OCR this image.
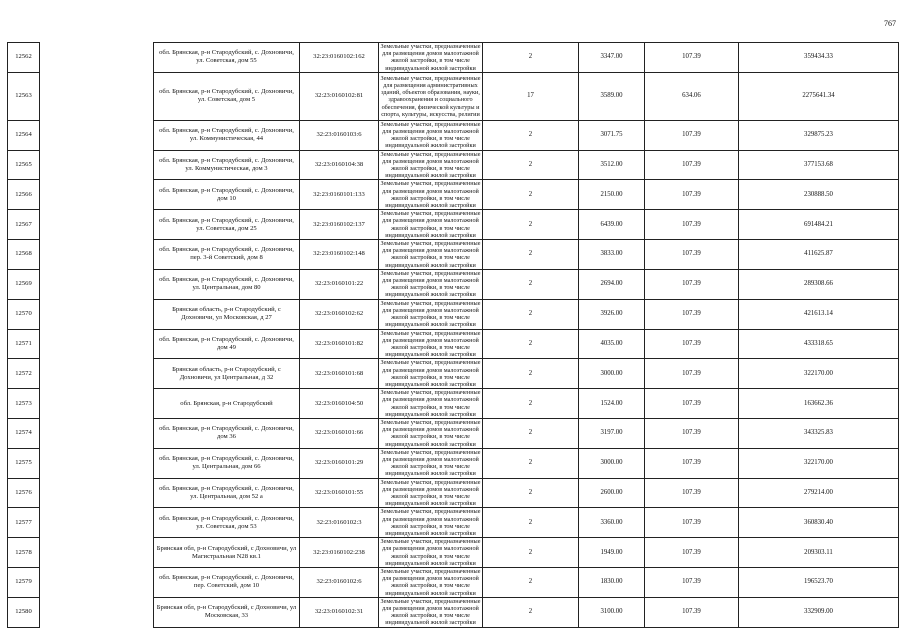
767
12562		обл. Брянская, р-н Стародубский, с. Дохновичи, ул. Советская, дом 55	32:23:0160102:162	Земельные участки, предназначенные для размещения домов малоэтажной жилой застройки, в том числе индивидуальной жилой застройки	2	3347.00	107.39	359434.33
12563		обл. Брянская, р-н Стародубский, с. Дохновичи, ул. Советская, дом 5	32:23:0160102:81	Земельные участки, предназначенные для размещения административных зданий, объектов образования, науки, здравоохранения и социального обеспечения, физической культуры и спорта, культуры, искусства, религии	17	3589.00	634.06	2275641.34
12564		обл. Брянская, р-н Стародубский, с. Дохновичи, ул. Коммунистическая, 44	32:23:0160103:6	Земельные участки, предназначенные для размещения домов малоэтажной жилой застройки, в том числе индивидуальной жилой застройки	2	3071.75	107.39	329875.23
12565		обл. Брянская, р-н Стародубский, с. Дохновичи, ул. Коммунистическая, дом 3	32:23:0160104:38	Земельные участки, предназначенные для размещения домов малоэтажной жилой застройки, в том числе индивидуальной жилой застройки	2	3512.00	107.39	377153.68
12566		обл. Брянская, р-н Стародубский, с. Дохновичи, дом 10	32:23:0160101:133	Земельные участки, предназначенные для размещения домов малоэтажной жилой застройки, в том числе индивидуальной жилой застройки	2	2150.00	107.39	230888.50
12567		обл. Брянская, р-н Стародубский, с. Дохновичи, ул. Советская, дом 25	32:23:0160102:137	Земельные участки, предназначенные для размещения домов малоэтажной жилой застройки, в том числе индивидуальной жилой застройки	2	6439.00	107.39	691484.21
12568		обл. Брянская, р-н Стародубский, с. Дохновичи, пер. 3-й Советский, дом 8	32:23:0160102:148	Земельные участки, предназначенные для размещения домов малоэтажной жилой застройки, в том числе индивидуальной жилой застройки	2	3833.00	107.39	411625.87
12569		обл. Брянская, р-н Стародубский, с. Дохновичи, ул. Центральная, дом 80	32:23:0160101:22	Земельные участки, предназначенные для размещения домов малоэтажной жилой застройки, в том числе индивидуальной жилой застройки	2	2694.00	107.39	289308.66
12570		Брянская область, р-н Стародубский, с Дохновичи, ул Московская, д 27	32:23:0160102:62	Земельные участки, предназначенные для размещения домов малоэтажной жилой застройки, в том числе индивидуальной жилой застройки	2	3926.00	107.39	421613.14
12571		обл. Брянская, р-н Стародубский, с. Дохновичи, дом 49	32:23:0160101:82	Земельные участки, предназначенные для размещения домов малоэтажной жилой застройки, в том числе индивидуальной жилой застройки	2	4035.00	107.39	433318.65
12572		Брянская область, р-н Стародубский, с Дохновичи, ул Центральная, д 32	32:23:0160101:68	Земельные участки, предназначенные для размещения домов малоэтажной жилой застройки, в том числе индивидуальной жилой застройки	2	3000.00	107.39	322170.00
12573		обл. Брянская, р-н Стародубский	32:23:0160104:50	Земельные участки, предназначенные для размещения домов малоэтажной жилой застройки, в том числе индивидуальной жилой застройки	2	1524.00	107.39	163662.36
12574		обл. Брянская, р-н Стародубский, с. Дохновичи, дом 36	32:23:0160101:66	Земельные участки, предназначенные для размещения домов малоэтажной жилой застройки, в том числе индивидуальной жилой застройки	2	3197.00	107.39	343325.83
12575		обл. Брянская, р-н Стародубский, с. Дохновичи, ул. Центральная, дом 66	32:23:0160101:29	Земельные участки, предназначенные для размещения домов малоэтажной жилой застройки, в том числе индивидуальной жилой застройки	2	3000.00	107.39	322170.00
12576		обл. Брянская, р-н Стародубский, с. Дохновичи, ул. Центральная, дом 52 а	32:23:0160101:55	Земельные участки, предназначенные для размещения домов малоэтажной жилой застройки, в том числе индивидуальной жилой застройки	2	2600.00	107.39	279214.00
12577		обл. Брянская, р-н Стародубский, с. Дохновичи, ул. Советская, дом 53	32:23:0160102:3	Земельные участки, предназначенные для размещения домов малоэтажной жилой застройки, в том числе индивидуальной жилой застройки	2	3360.00	107.39	360830.40
12578		Брянская обл, р-н Стародубский, с Дохновичи, ул Магистральная N28 кв.1	32:23:0160102:238	Земельные участки, предназначенные для размещения домов малоэтажной жилой застройки, в том числе индивидуальной жилой застройки	2	1949.00	107.39	209303.11
12579		обл. Брянская, р-н Стародубский, с. Дохновичи, пер. Советский, дом 10	32:23:0160102:6	Земельные участки, предназначенные для размещения домов малоэтажной жилой застройки, в том числе индивидуальной жилой застройки	2	1830.00	107.39	196523.70
12580		Брянская обл, р-н Стародубский, с Дохновичи, ул Московская, 33	32:23:0160102:31	Земельные участки, предназначенные для размещения домов малоэтажной жилой застройки, в том числе индивидуальной жилой застройки	2	3100.00	107.39	332909.00
